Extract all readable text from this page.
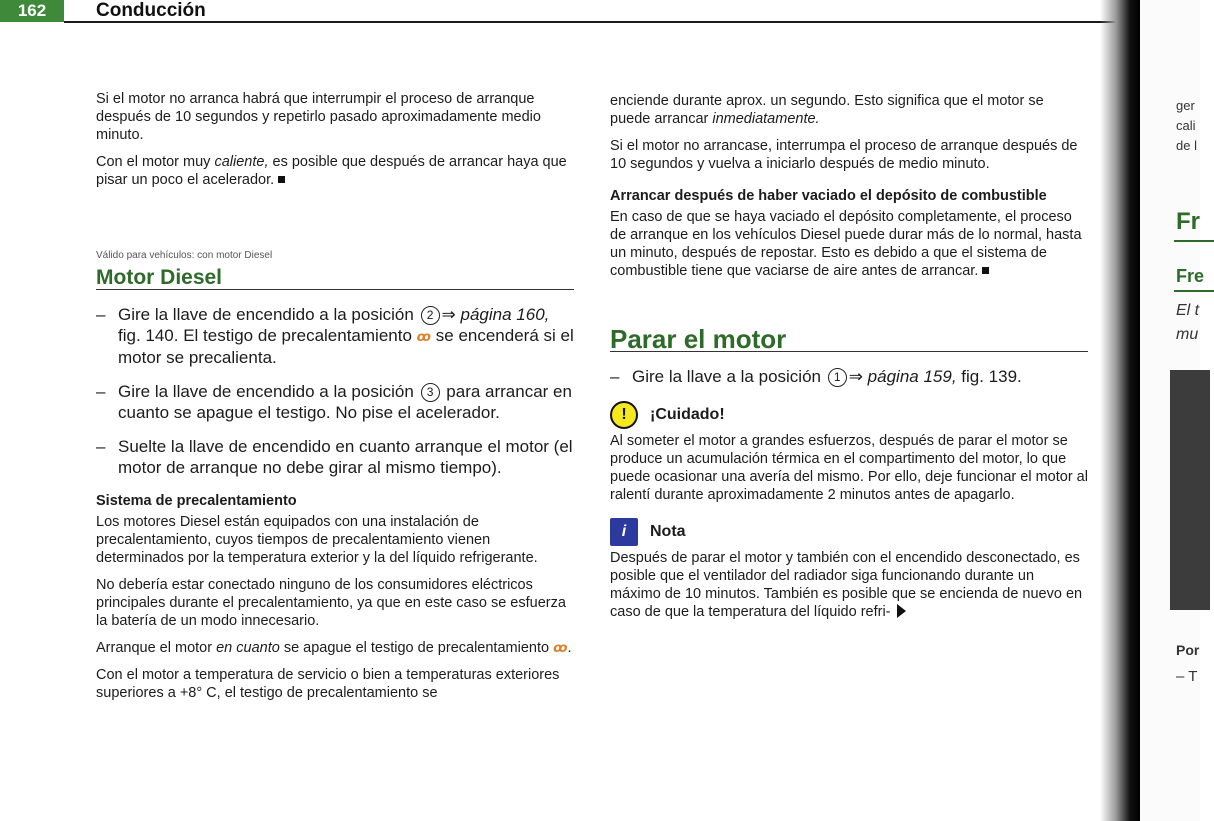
162	Conducción

Si el motor no arranca habrá que interrumpir el proceso de arranque después de 10 segundos y repetirlo pasado aproximadamente medio minuto.

Con el motor muy caliente, es posible que después de arrancar haya que pisar un poco el acelerador.

Válido para vehículos: con motor Diesel
Motor Diesel
– Gire la llave de encendido a la posición 2 ⇒ página 160, fig. 140. El testigo de precalentamiento ꝏ se encenderá si el motor se precalienta.
– Gire la llave de encendido a la posición 3 para arrancar en cuanto se apague el testigo. No pise el acelerador.
– Suelte la llave de encendido en cuanto arranque el motor (el motor de arranque no debe girar al mismo tiempo).
Sistema de precalentamiento

Los motores Diesel están equipados con una instalación de precalentamiento, cuyos tiempos de precalentamiento vienen determinados por la temperatura exterior y la del líquido refrigerante.

No debería estar conectado ninguno de los consumidores eléctricos principales durante el precalentamiento, ya que en este caso se esfuerza la batería de un modo innecesario.

Arranque el motor en cuanto se apague el testigo de precalentamiento ꝏ.

Con el motor a temperatura de servicio o bien a temperaturas exteriores superiores a +8° C, el testigo de precalentamiento se

enciende durante aprox. un segundo. Esto significa que el motor se puede arrancar inmediatamente.

Si el motor no arrancase, interrumpa el proceso de arranque después de 10 segundos y vuelva a iniciarlo después de medio minuto.

Arrancar después de haber vaciado el depósito de combustible

En caso de que se haya vaciado el depósito completamente, el proceso de arranque en los vehículos Diesel puede durar más de lo normal, hasta un minuto, después de repostar. Esto es debido a que el sistema de combustible tiene que vaciarse de aire antes de arrancar.

Parar el motor
– Gire la llave a la posición 1 ⇒ página 159, fig. 139.
!	¡Cuidado!

Al someter el motor a grandes esfuerzos, después de parar el motor se produce un acumulación térmica en el compartimento del motor, lo que puede ocasionar una avería del mismo. Por ello, deje funcionar el motor al ralentí durante aproximadamente 2 minutos antes de apagarlo.

i	Nota

Después de parar el motor y también con el encendido desconectado, es posible que el ventilador del radiador siga funcionando durante un máximo de 10 minutos. También es posible que se encienda de nuevo en caso de que la temperatura del líquido refri-

ger
cali
de l
Fr
Fre
El t
mu
Por
– T
